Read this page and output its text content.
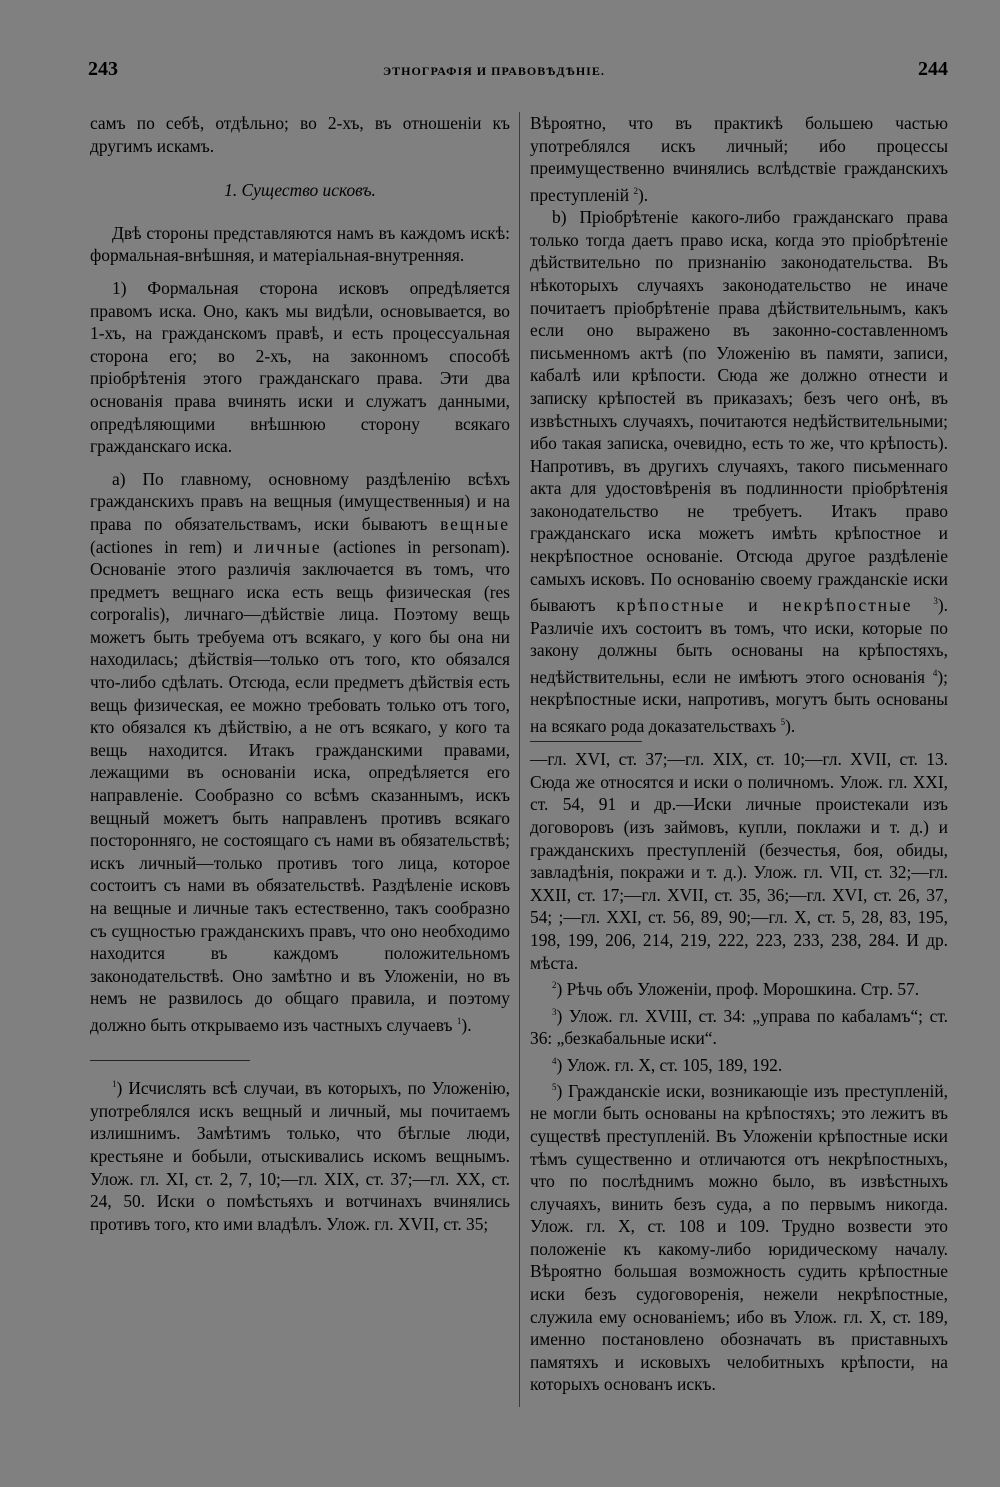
243	ЭТНОГРАФІЯ И ПРАВОВѢДѢНІЕ.	244

самъ по себѣ, отдѣльно; во 2-хъ, въ отношеніи къ другимъ искамъ.

1. Существо исковъ.

Двѣ стороны представляются намъ въ каждомъ искѣ: формальная-внѣшняя, и матеріальная-внутренняя.

1) Формальная сторона исковъ опредѣляется правомъ иска. Оно, какъ мы видѣли, основывается, во 1-хъ, на гражданскомъ правѣ, и есть процессуальная сторона его; во 2-хъ, на законномъ способѣ пріобрѣтенія этого гражданскаго права. Эти два основанія права вчинять иски и служатъ данными, опредѣляющими внѣшнюю сторону всякаго гражданскаго иска.

a) По главному, основному раздѣленію всѣхъ гражданскихъ правъ на вещныя (имущественныя) и на права по обязательствамъ, иски бываютъ вещные (actiones in rem) и личные (actiones in personam). Основаніе этого различія заключается въ томъ, что предметъ вещнаго иска есть вещь физическая (res corporalis), личнаго—дѣйствіе лица. Поэтому вещь можетъ быть требуема отъ всякаго, у кого бы она ни находилась; дѣйствія—только отъ того, кто обязался что-либо сдѣлать. Отсюда, если предметъ дѣйствія есть вещь физическая, ее можно требовать только отъ того, кто обязался къ дѣйствію, а не отъ всякаго, у кого та вещь находится. Итакъ гражданскими правами, лежащими въ основаніи иска, опредѣляется его направленіе. Сообразно со всѣмъ сказаннымъ, искъ вещный можетъ быть направленъ противъ всякаго посторонняго, не состоящаго съ нами въ обязательствѣ; искъ личный—только противъ того лица, которое состоитъ съ нами въ обязательствѣ. Раздѣленіе исковъ на вещные и личные такъ естественно, такъ сообразно съ сущностью гражданскихъ правъ, что оно необходимо находится въ каждомъ положительномъ законодательствѣ. Оно замѣтно и въ Уложеніи, но въ немъ не развилось до общаго правила, и поэтому должно быть открываемо изъ частныхъ случаевъ $^1$).

$^1$) Исчислять всѣ случаи, въ которыхъ, по Уложенію, употреблялся искъ вещный и личный, мы почитаемъ излишнимъ. Замѣтимъ только, что бѣглые люди, крестьяне и бобыли, отыскивались искомъ вещнымъ. Улож. гл. XI, ст. 2, 7, 10;—гл. XIX, ст. 37;—гл. XX, ст. 24, 50. Иски о помѣстьяхъ и вотчинахъ вчинялись противъ того, кто ими владѣлъ. Улож. гл. XVII, ст. 35;

Вѣроятно, что въ практикѣ большею частью употреблялся искъ личный; ибо процессы преимущественно вчинялись вслѣдствіе гражданскихъ преступленій $^2$).

b) Пріобрѣтеніе какого-либо гражданскаго права только тогда даетъ право иска, когда это пріобрѣтеніе дѣйствительно по признанію законодательства. Въ нѣкоторыхъ случаяхъ законодательство не иначе почитаетъ пріобрѣтеніе права дѣйствительнымъ, какъ если оно выражено въ законно-составленномъ письменномъ актѣ (по Уложенію въ памяти, записи, кабалѣ или крѣпости. Сюда же должно отнести и записку крѣпостей въ приказахъ; безъ чего онѣ, въ извѣстныхъ случаяхъ, почитаются недѣйствительными; ибо такая записка, очевидно, есть то же, что крѣпость). Напротивъ, въ другихъ случаяхъ, такого письменнаго акта для удостовѣренія въ подлинности пріобрѣтенія законодательство не требуетъ. Итакъ право гражданскаго иска можетъ имѣть крѣпостное и некрѣпостное основаніе. Отсюда другое раздѣленіе самыхъ исковъ. По основанію своему гражданскіе иски бываютъ крѣпостные и некрѣпостные $^3$). Различіе ихъ состоитъ въ томъ, что иски, которые по закону должны быть основаны на крѣпостяхъ, недѣйствительны, если не имѣютъ этого основанія $^4$); некрѣпостные иски, напротивъ, могутъ быть основаны на всякаго рода доказательствахъ $^5$).

—гл. XVI, ст. 37;—гл. XIX, ст. 10;—гл. XVII, ст. 13. Сюда же относятся и иски о поличномъ. Улож. гл. XXI, ст. 54, 91 и др.—Иски личные проистекали изъ договоровъ (изъ займовъ, купли, поклажи и т. д.) и гражданскихъ преступленій (безчестья, боя, обиды, завладѣнія, покражи и т. д.). Улож. гл. VII, ст. 32;—гл. XXII, ст. 17;—гл. XVII, ст. 35, 36;—гл. XVI, ст. 26, 37, 54; ;—гл. XXI, ст. 56, 89, 90;—гл. X, ст. 5, 28, 83, 195, 198, 199, 206, 214, 219, 222, 223, 233, 238, 284. И др. мѣста.

$^2$) Рѣчь объ Уложеніи, проф. Морошкина. Стр. 57.

$^3$) Улож. гл. XVIII, ст. 34: „управа по кабаламъ“; ст. 36: „безкабальные иски“.

$^4$) Улож. гл. X, ст. 105, 189, 192.

$^5$) Гражданскіе иски, возникающіе изъ преступленій, не могли быть основаны на крѣпостяхъ; это лежитъ въ существѣ преступленій. Въ Уложеніи крѣпостные иски тѣмъ существенно и отличаются отъ некрѣпостныхъ, что по послѣднимъ можно было, въ извѣстныхъ случаяхъ, винить безъ суда, а по первымъ никогда. Улож. гл. X, ст. 108 и 109. Трудно возвести это положеніе къ какому-либо юридическому началу. Вѣроятно большая возможность судить крѣпостные иски безъ судоговоренія, нежели некрѣпостные, служила ему основаніемъ; ибо въ Улож. гл. X, ст. 189, именно постановлено обозначать въ приставныхъ памятяхъ и исковыхъ челобитныхъ крѣпости, на которыхъ основанъ искъ.
